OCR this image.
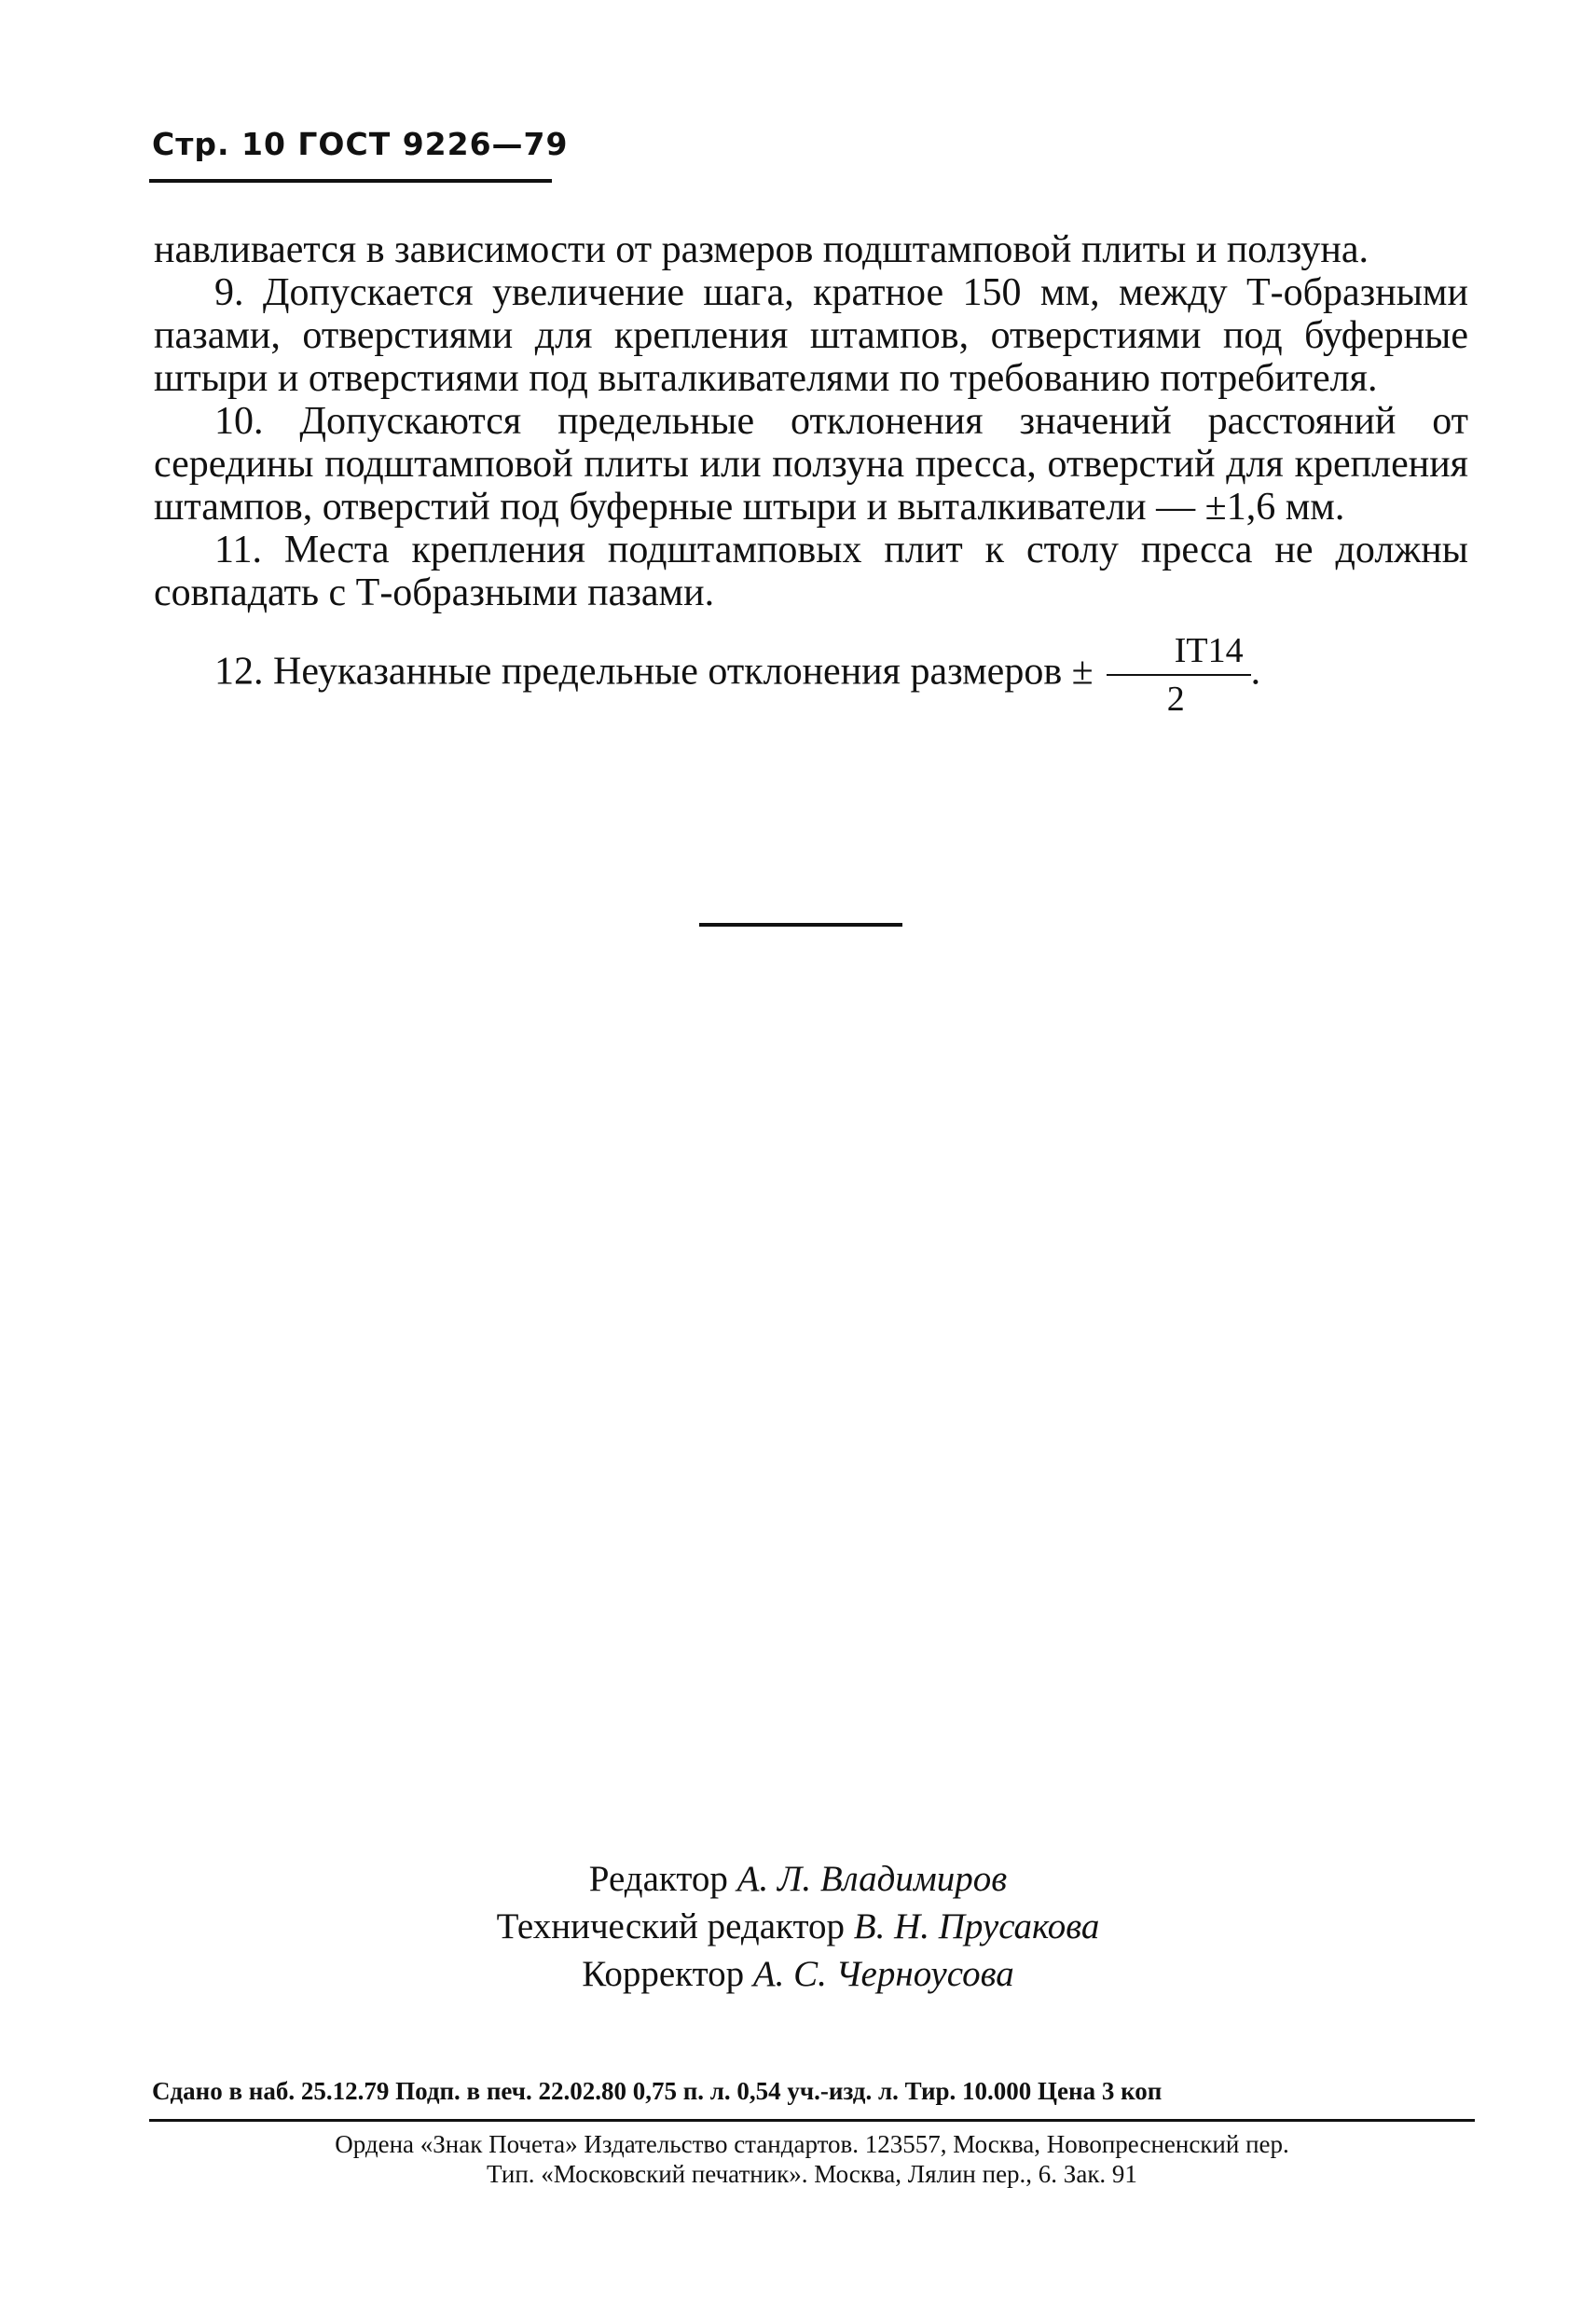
Стр. 10 ГОСТ 9226—79

навливается в зависимости от размеров подштамповой плиты и ползуна.

9. Допускается увеличение шага, кратное 150 мм, между Т-образными пазами, отверстиями для крепления штампов, отверстиями под буферные штыри и отверстиями под выталкивателями по требованию потребителя.

10. Допускаются предельные отклонения значений расстояний от середины подштамповой плиты или ползуна пресса, отверстий для крепления штампов, отверстий под буферные штыри и выталкиватели — ±1,6 мм.

11. Места крепления подштамповых плит к столу пресса не должны совпадать с Т-образными пазами.

12. Неуказанные предельные отклонения размеров ± $\frac{IT14}{2}$ .

Редактор А. Л. Владимиров
Технический редактор В. Н. Прусакова
Корректор А. С. Черноусова
Сдано в наб. 25.12.79 Подп. в печ. 22.02.80 0,75 п. л. 0,54 уч.-изд. л. Тир. 10.000 Цена 3 коп
Ордена «Знак Почета» Издательство стандартов. 123557, Москва, Новопресненский пер.
Тип. «Московский печатник». Москва, Лялин пер., 6. Зак. 91
